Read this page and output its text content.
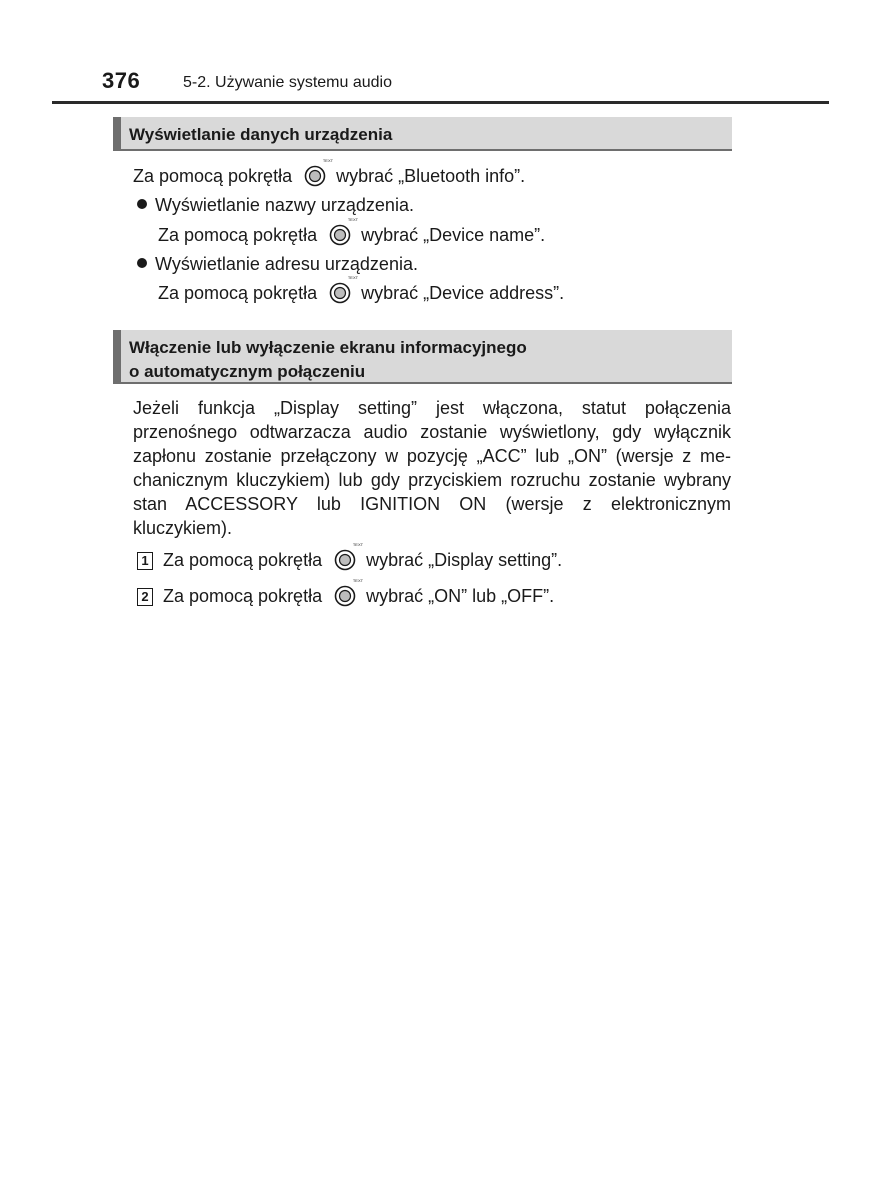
376	5-2. Używanie systemu audio
Wyświetlanie danych urządzenia
Za pomocą pokrętła
TEXT
wybrać „Bluetooth info”.
Wyświetlanie nazwy urządzenia.
Za pomocą pokrętła
TEXT
wybrać „Device name”.
Wyświetlanie adresu urządzenia.
Za pomocą pokrętła
TEXT
wybrać „Device address”.
Włączenie lub wyłączenie ekranu informacyjnego
o automatycznym połączeniu
Jeżeli funkcja „Display setting” jest włączona, statut połączenia przenośnego odtwarzacza audio zostanie wyświetlony, gdy wyłącznik zapłonu zostanie przełączony w pozycję „ACC” lub „ON” (wersje z mechanicznym kluczykiem) lub gdy przyciskiem rozruchu zostanie wybrany stan ACCESSORY lub IGNITION ON (wersje z elektronicznym kluczykiem).
1 Za pomocą pokrętła
TEXT
wybrać „Display setting”.
2 Za pomocą pokrętła
TEXT
wybrać „ON” lub „OFF”.
